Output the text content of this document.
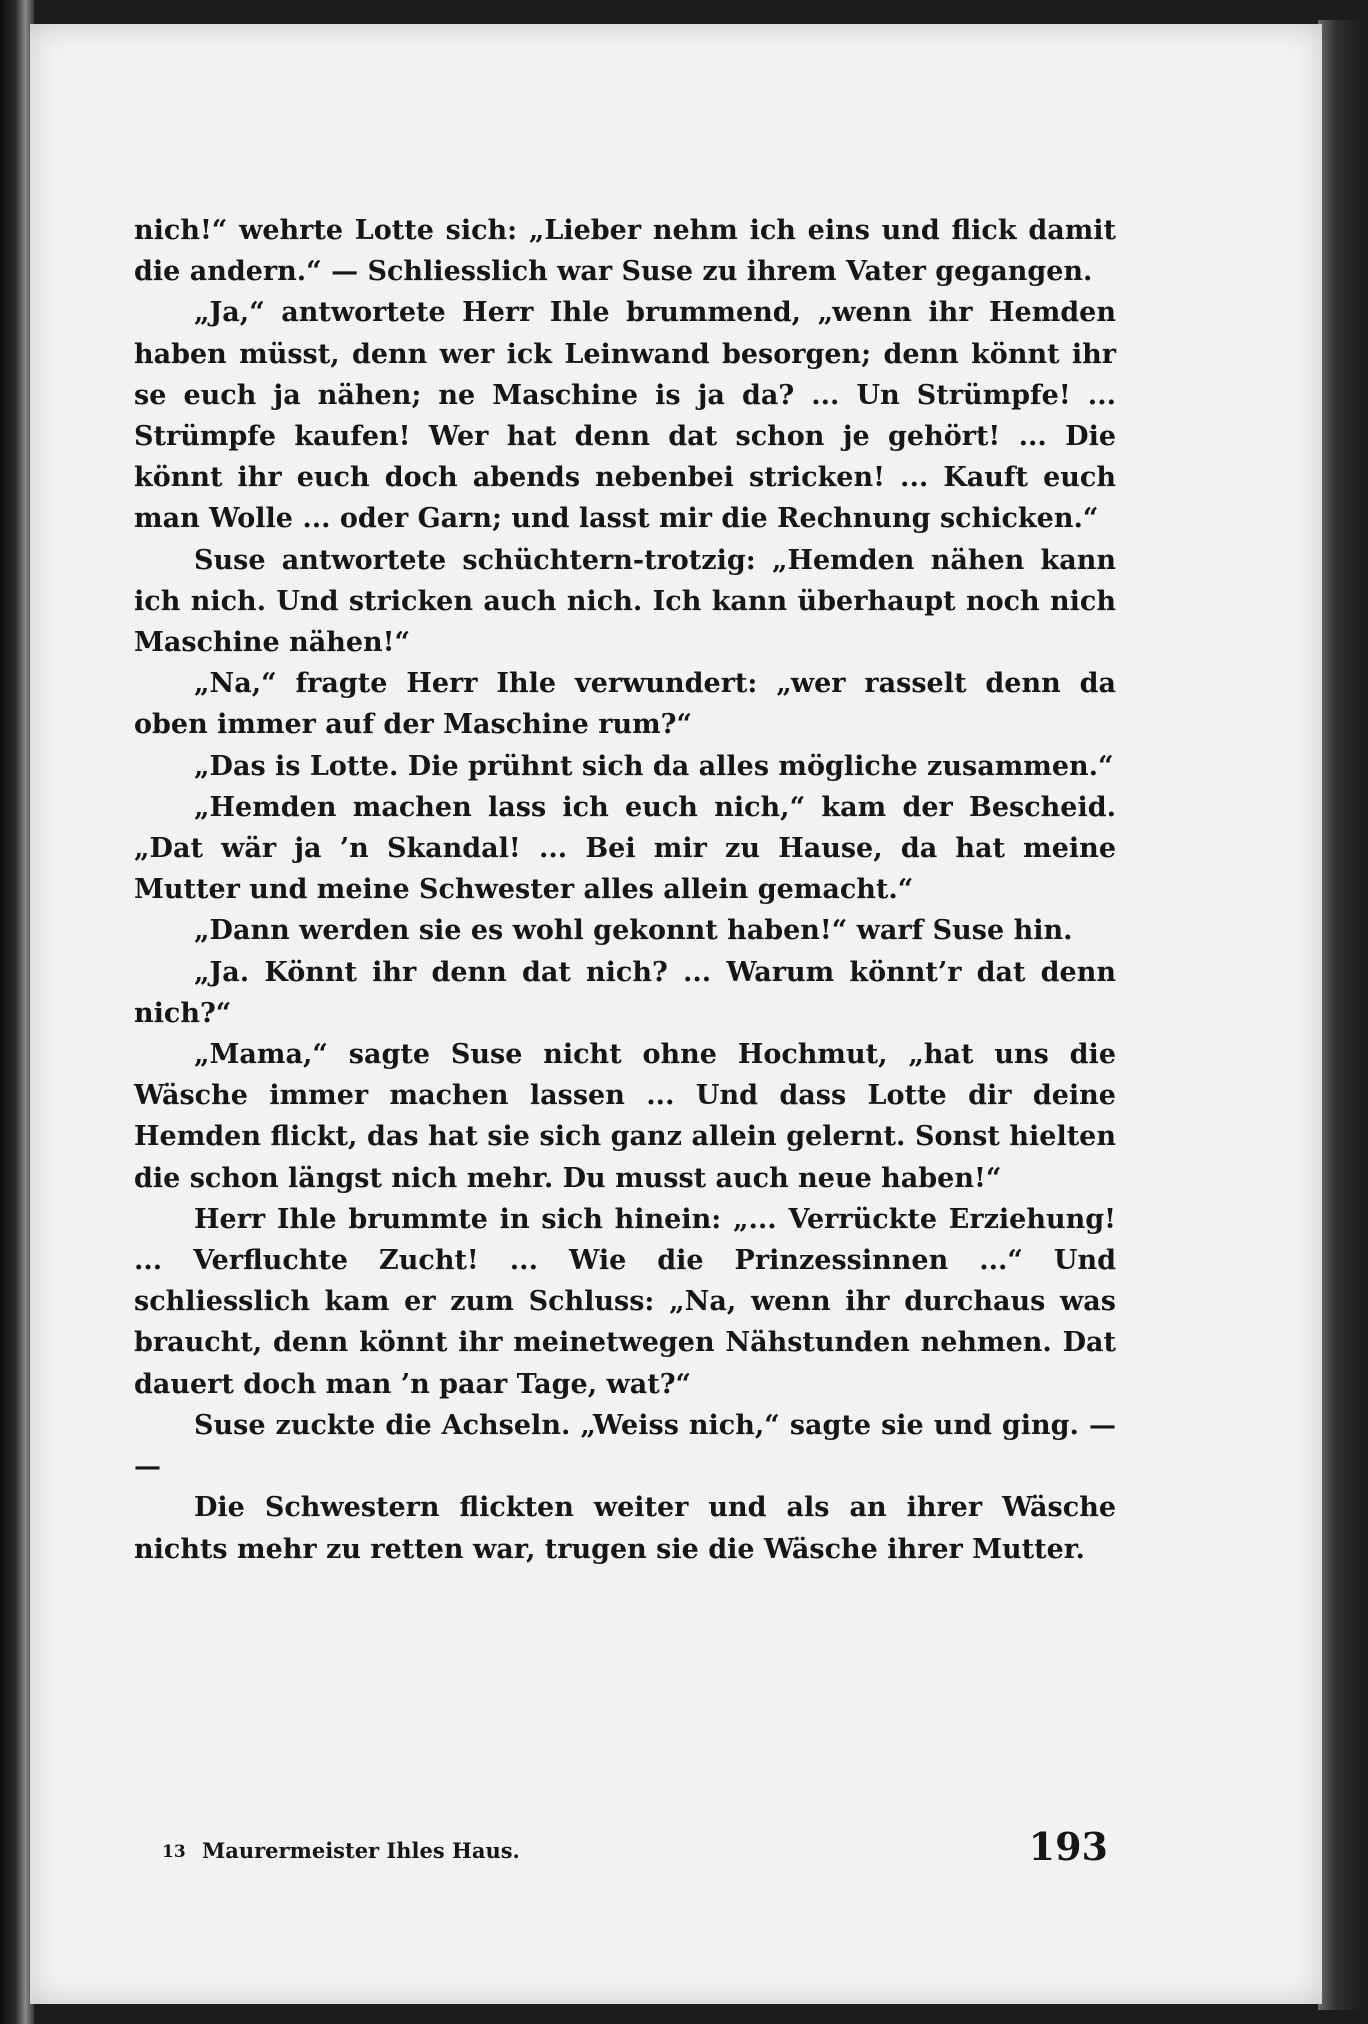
nich!“ wehrte Lotte sich: „Lieber nehm ich eins und flick damit die andern.“ — Schliesslich war Suse zu ihrem Vater gegangen.

„Ja,“ antwortete Herr Ihle brummend, „wenn ihr Hemden haben müsst, denn wer ick Leinwand besorgen; denn könnt ihr se euch ja nähen; ne Maschine is ja da? ... Un Strümpfe! ... Strümpfe kaufen! Wer hat denn dat schon je gehört! ... Die könnt ihr euch doch abends nebenbei stricken! ... Kauft euch man Wolle ... oder Garn; und lasst mir die Rechnung schicken.“

Suse antwortete schüchtern-trotzig: „Hemden nähen kann ich nich. Und stricken auch nich. Ich kann überhaupt noch nich Maschine nähen!“

„Na,“ fragte Herr Ihle verwundert: „wer rasselt denn da oben immer auf der Maschine rum?“

„Das is Lotte. Die prühnt sich da alles mögliche zusammen.“

„Hemden machen lass ich euch nich,“ kam der Bescheid. „Dat wär ja ’n Skandal! ... Bei mir zu Hause, da hat meine Mutter und meine Schwester alles allein gemacht.“

„Dann werden sie es wohl gekonnt haben!“ warf Suse hin.

„Ja. Könnt ihr denn dat nich? ... Warum könnt’r dat denn nich?“

„Mama,“ sagte Suse nicht ohne Hochmut, „hat uns die Wäsche immer machen lassen ... Und dass Lotte dir deine Hemden flickt, das hat sie sich ganz allein gelernt. Sonst hielten die schon längst nich mehr. Du musst auch neue haben!“

Herr Ihle brummte in sich hinein: „... Verrückte Erziehung! ... Verfluchte Zucht! ... Wie die Prinzessinnen ...“ Und schliesslich kam er zum Schluss: „Na, wenn ihr durchaus was braucht, denn könnt ihr meinetwegen Nähstunden nehmen. Dat dauert doch man ’n paar Tage, wat?“

Suse zuckte die Achseln. „Weiss nich,“ sagte sie und ging. — —

Die Schwestern flickten weiter und als an ihrer Wäsche nichts mehr zu retten war, trugen sie die Wäsche ihrer Mutter.

13 Maurermeister Ihles Haus.	193
